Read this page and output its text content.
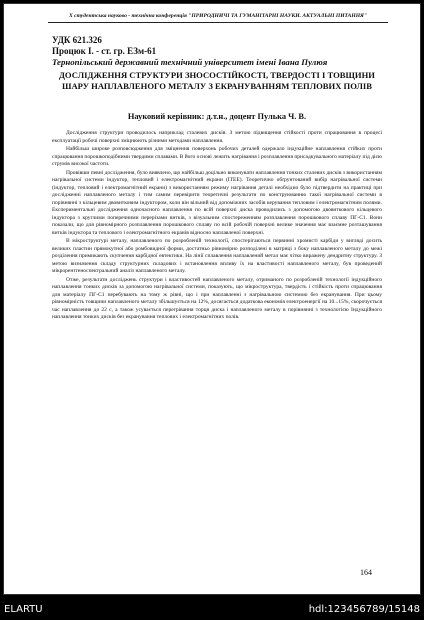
Х студентська науково - технічна конференція "ПРИРОДНИЧІ ТА ГУМАНІТАРНІ НАУКИ. АКТУАЛЬНІ ПИТАННЯ"
УДК 621.326
Процюк І. - ст. гр. ЕЗм-61
Тернопільський державний технічний університет імені Івана Пулюя
ДОСЛІДЖЕННЯ СТРУКТУРИ ЗНОСОСТІЙКОСТІ, ТВЕРДОСТІ І ТОВЩИНИ ШАРУ НАПЛАВЛЕНОГО МЕТАЛУ З ЕКРАНУВАННЯМ ТЕПЛОВИХ ПОЛІВ
Науковий керівник: д.т.н., доцент Пулька Ч. В.

Дослідження структури проводилось наприклад сталевих дисків. З метою підвищення стійкості проти спрацювання в процесі експлуатації робочі поверхні зміцнюють різними методами наплавлення.

Найбільш широке розповсюдження для зміцнення поверхонь робочих деталей одержало індукційне наплавлення стійких проти спрацювання порошкоподібними твердими сплавами. В його основі лежить нагрівання і розплавлення присадкувального матеріалу під дією струмів високої частоти.

Провівши певні дослідження, було виявлено, що найбільш доцільно виконувати наплавлення тонких сталевих дисків з використанням нагрівальної системи індуктор, тепловий і електромагнітний екрани (ІТЕЕ). Теоретично обґрунтований вибір нагрівальної системи (індуктор, тепловий і електромагнітний екрани) з використанням режиму нагрівання деталі необхідно було підтвердити на практиці при дослідженні наплавленого металу і тим самим перевірити теоретичні результати по конструюванню такої нагрівальної системи в порівнянні з кільцевим двовитковим індуктором, коли він вільний від допоміжних засобів керування тепловим і електромагнітним полями. Експериментальні дослідження одночасного наплавлення по всій поверхні диска проводились з допомогою двовиткового кільцевого індуктора з круглими поперечними перерізами витків, з візуальним спостереженням розплавлення порошкового сплаву ПГ-С1. Вони показали, що для рівномірного розплавлення порошкового сплаву по всій робочій поверхні велике значення має взаємне розташування витків індуктора та теплового і електромагнітного екранів відносно наплавленої поверхні.

В мікроструктурі металу, наплавленого по розробленій технології, спостерігаються первинні хромисті карбіди у вигляді досить великих пластин прямокутної або ромбовидної форми, достатньо рівномірно розподілені в матриці з боку наплавленого металу до межі розділення примикають скупчення карбідної евтектики. На лінії сплавлення наплавлений метал має чітко виражену дендритну структуру. З метою визначення складу структурних складових і встановлення впливу їх на властивості наплавленого металу, був проведений мікрорентгеноспектральний аналіз наплавленого металу.

Отже, результати досліджень структури і властивостей наплавленого металу, отриманого по розробленій технології індукційного наплавлення тонких дисків за допомогою нагрівальної системи, показують, що мікроструктура, твердість і стійкість проти спрацювання для матеріалу ПГ-С1 перебувають на тому ж рівні, що і при наплавленні з нагрівальною системою без екранування. При цьому рівномірність товщини наплавленого металу збільшується на 12%, досягається додаткова економія електроенергії на 10...15%, скорочується час наплавлення до 22 с, а також усувається перегрівання торця диска і наплавленого металу в порівнянні з технологією Індукційного наплавлення тонких дисків без екранування теплових і електромагнітних полів.

164
ELARTU	hdl:123456789/15148
